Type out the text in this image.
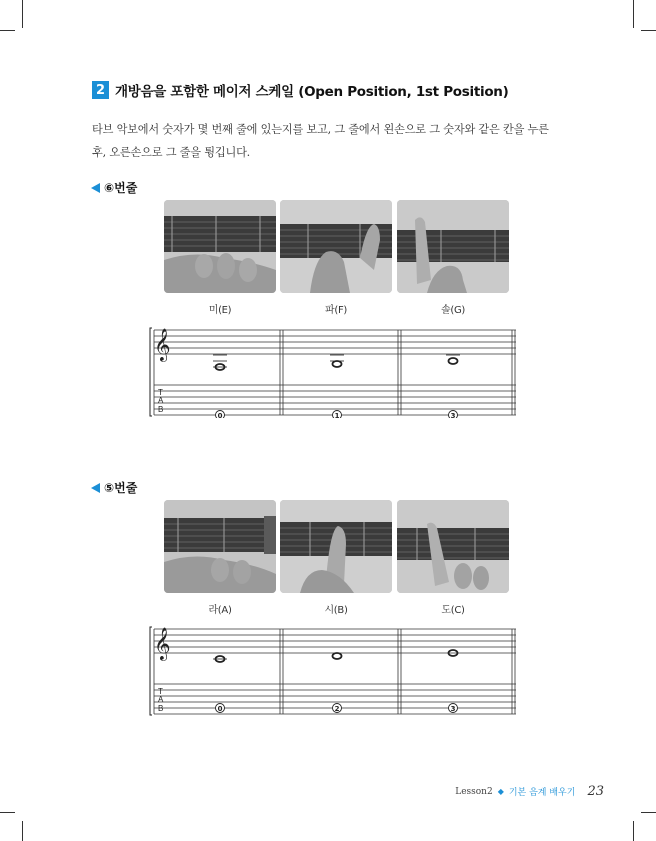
2 개방음을 포함한 메이저 스케일 (Open Position, 1st Position)
타브 악보에서 숫자가 몇 번째 줄에 있는지를 보고, 그 줄에서 왼손으로 그 숫자와 같은 칸을 누른
후, 오른손으로 그 줄을 튕깁니다.
⑥번줄
미(E)	파(F)	솔(G)
𝄞
T
A
B
0	1	3
⑤번줄
라(A)	시(B)	도(C)
𝄞
T
A
B	0	2	3
Lesson2 ◆ 기본 음계 배우기 23
